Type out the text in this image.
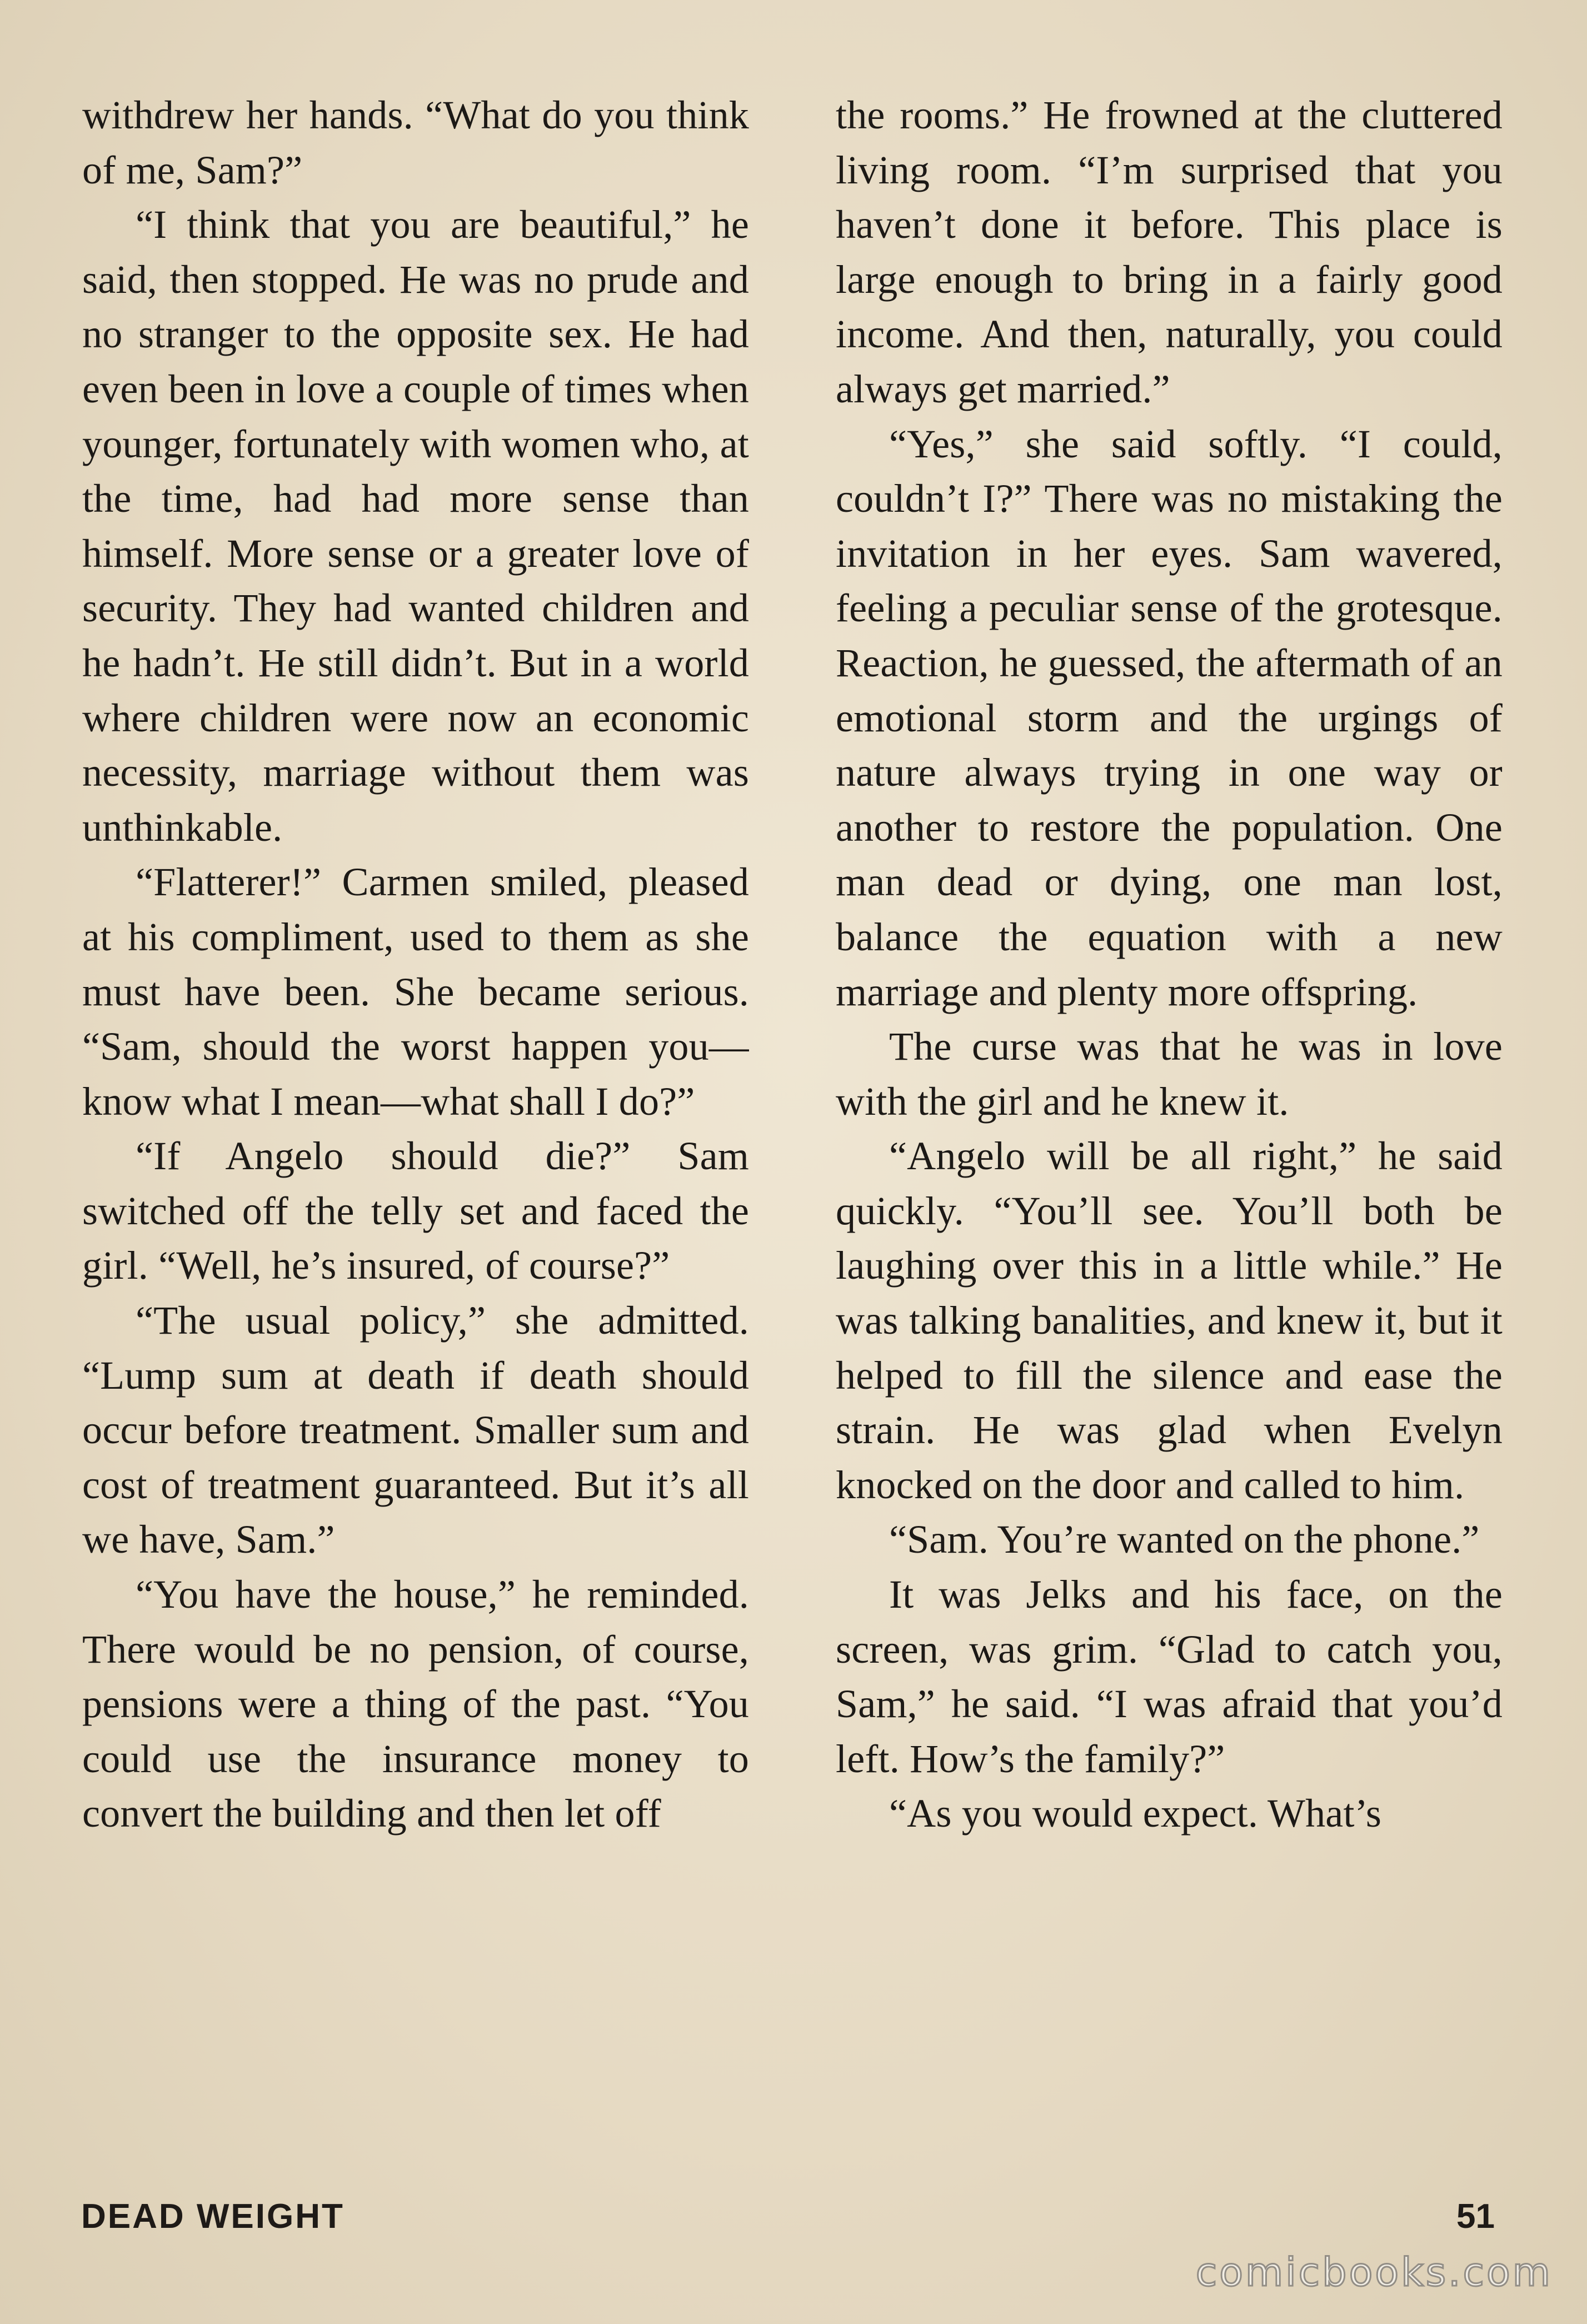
withdrew her hands. “What do you think of me, Sam?”

“I think that you are beautiful,” he said, then stopped. He was no prude and no stranger to the opposite sex. He had even been in love a couple of times when younger, fortunately with women who, at the time, had had more sense than himself. More sense or a greater love of security. They had wanted children and he hadn’t. He still didn’t. But in a world where children were now an economic necessity, marriage without them was unthinkable.

“Flatterer!” Carmen smiled, pleased at his compliment, used to them as she must have been. She became serious. “Sam, should the worst happen you—know what I mean—what shall I do?”

“If Angelo should die?” Sam switched off the telly set and faced the girl. “Well, he’s insured, of course?”

“The usual policy,” she admitted. “Lump sum at death if death should occur before treatment. Smaller sum and cost of treatment guaranteed. But it’s all we have, Sam.”

“You have the house,” he reminded. There would be no pension, of course, pensions were a thing of the past. “You could use the insurance money to convert the building and then let off

the rooms.” He frowned at the cluttered living room. “I’m surprised that you haven’t done it before. This place is large enough to bring in a fairly good income. And then, naturally, you could always get married.”

“Yes,” she said softly. “I could, couldn’t I?” There was no mistaking the invitation in her eyes. Sam wavered, feeling a peculiar sense of the grotesque. Reaction, he guessed, the aftermath of an emotional storm and the urgings of nature always trying in one way or another to restore the population. One man dead or dying, one man lost, balance the equation with a new marriage and plenty more offspring.

The curse was that he was in love with the girl and he knew it.

“Angelo will be all right,” he said quickly. “You’ll see. You’ll both be laughing over this in a little while.” He was talking banalities, and knew it, but it helped to fill the silence and ease the strain. He was glad when Evelyn knocked on the door and called to him.

“Sam. You’re wanted on the phone.”

It was Jelks and his face, on the screen, was grim. “Glad to catch you, Sam,” he said. “I was afraid that you’d left. How’s the family?”

“As you would expect. What’s

DEAD WEIGHT	51
comicbooks.com
